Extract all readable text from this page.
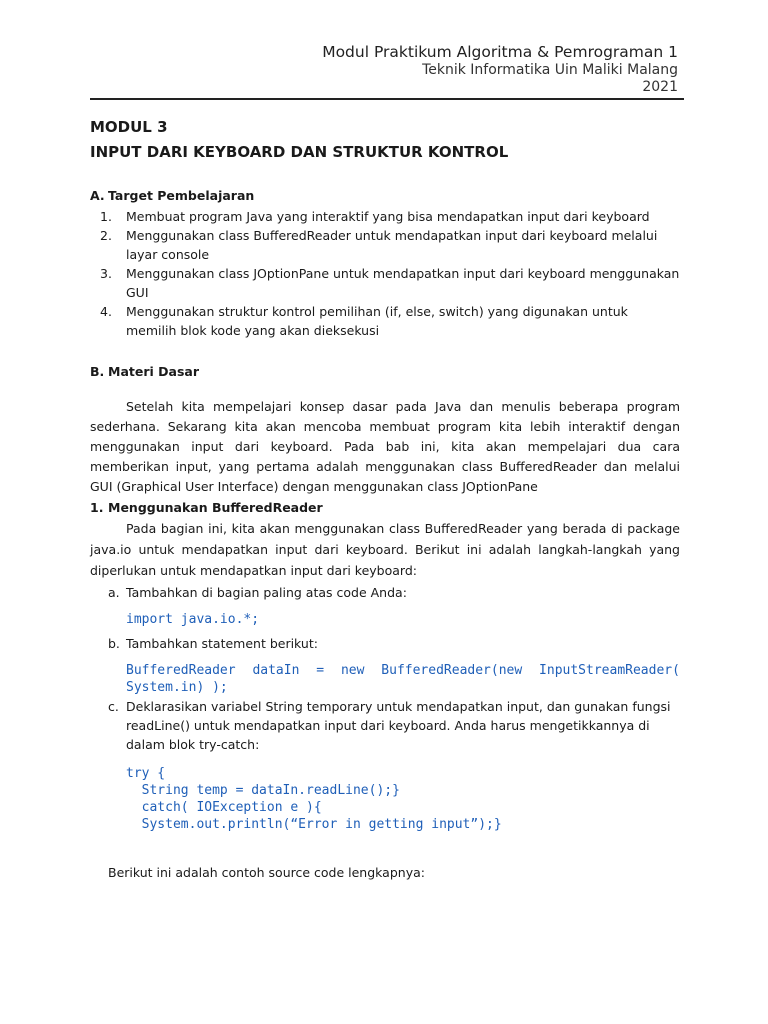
Modul Praktikum Algoritma & Pemrograman 1
Teknik Informatika Uin Maliki Malang
2021
MODUL 3
INPUT DARI KEYBOARD DAN STRUKTUR KONTROL
A. Target Pembelajaran
1.	Membuat program Java yang interaktif yang bisa mendapatkan input dari keyboard
2.	Menggunakan class BufferedReader untuk mendapatkan input dari keyboard melalui layar console
3.	Menggunakan class JOptionPane untuk mendapatkan input dari keyboard menggunakan GUI
4.	Menggunakan struktur kontrol pemilihan (if, else, switch) yang digunakan untuk memilih blok kode yang akan dieksekusi
B. Materi Dasar
Setelah kita mempelajari konsep dasar pada Java dan menulis beberapa program sederhana. Sekarang kita akan mencoba membuat program kita lebih interaktif dengan menggunakan input dari keyboard. Pada bab ini, kita akan mempelajari dua cara memberikan input, yang pertama adalah menggunakan class BufferedReader dan melalui GUI (Graphical User Interface) dengan menggunakan class JOptionPane
1. Menggunakan BufferedReader
Pada bagian ini, kita akan menggunakan class BufferedReader yang berada di package java.io untuk mendapatkan input dari keyboard. Berikut ini adalah langkah-langkah yang diperlukan untuk mendapatkan input dari keyboard:
a. Tambahkan di bagian paling atas code Anda:
import java.io.*;
b. Tambahkan statement berikut:
BufferedReader dataIn = new BufferedReader(new InputStreamReader(
System.in) );
c. Deklarasikan variabel String temporary untuk mendapatkan input, dan gunakan fungsi readLine() untuk mendapatkan input dari keyboard. Anda harus mengetikkannya di dalam blok try-catch:
try {
String temp = dataIn.readLine();}
catch( IOException e ){
System.out.println(“Error in getting input”);}
Berikut ini adalah contoh source code lengkapnya:
